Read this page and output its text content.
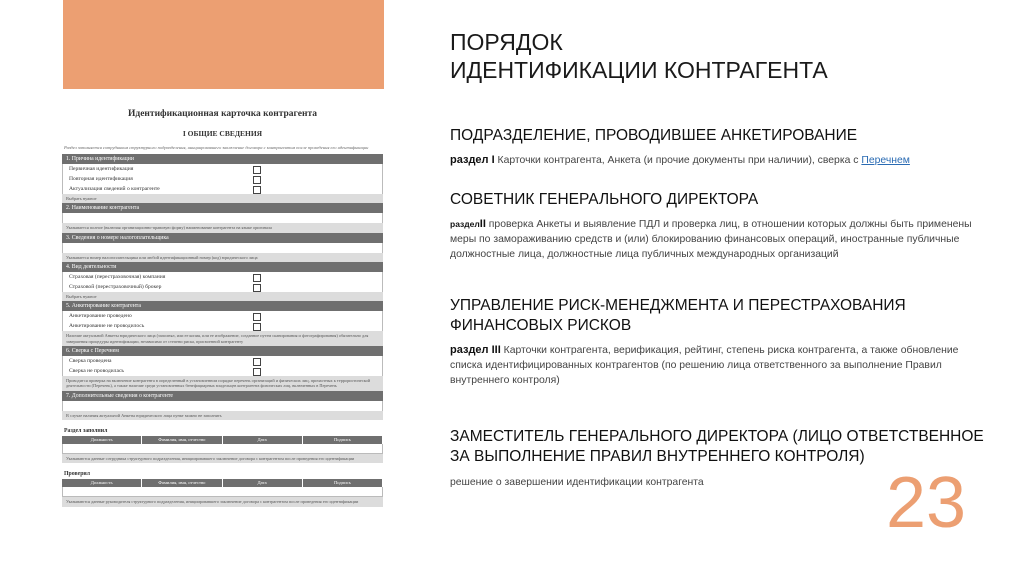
Идентификационная карточка контрагента
I ОБЩИЕ СВЕДЕНИЯ
Раздел заполняется сотрудником структурного подразделения, инициировавшего заключение договора с контрагентом после проведения его идентификации
1. Причина идентификации
Первичная идентификация
Повторная идентификация
Актуализация сведений о контрагенте
Выбрать нужное
2. Наименование контрагента
Указывается полное (включая организационно-правовую форму) наименование контрагента на языке оригинала
3. Сведения о номере налогоплательщика
Указывается номер налогоплательщика или любой идентификационный номер (код) юридического лица
4. Вид деятельности
Страховая (перестраховочная) компания
Страховой (перестраховочный) брокер
Выбрать нужное
5. Анкетирование контрагента
Анкетирование проведено
Анкетирование не проводилось
Наличие актуальной Анкеты юридического лица (заполнял, или ее копия, или ее изображение, созданное путем сканирования и фотографирования) обязательно для завершения процедуры идентификации, независимо от степени риска, присвоенной контрагенту
6. Сверка с Перечнем
Сверка проведена
Сверка не проводилась
Проводится проверка на включение контрагента в определенный в установленном порядке перечень организаций и физических лиц, причастных к террористической деятельности (Перечень), а также наличие среди установленных бенефициарных владельцев контрагента физических лиц, включенных в Перечень
7. Дополнительные сведения о контрагенте
В случае наличия актуальной Анкеты юридического лица пункт можно не заполнять
Раздел заполнил
Должность	Фамилия, имя, отчество	Дата	Подпись
Указываются данные сотрудника структурного подразделения, инициировавшего заключение договора с контрагентом после проведения его идентификации
Проверил
Должность	Фамилия, имя, отчество	Дата	Подпись
Указываются данные руководителя структурного подразделения, инициировавшего заключение договора с контрагентом после проведения его идентификации
ПОРЯДОК
ИДЕНТИФИКАЦИИ КОНТРАГЕНТА
ПОДРАЗДЕЛЕНИЕ, ПРОВОДИВШЕЕ АНКЕТИРОВАНИЕ
раздел I Карточки контрагента, Анкета (и прочие документы при наличии), сверка с Перечнем
СОВЕТНИК ГЕНЕРАЛЬНОГО ДИРЕКТОРА
разделII проверка Анкеты и выявление ПДЛ и проверка лиц, в отношении которых должны быть применены меры по замораживанию средств и (или) блокированию финансовых операций, иностранные публичные должностные лица, должностные лица публичных международных организаций
УПРАВЛЕНИЕ РИСК-МЕНЕДЖМЕНТА И ПЕРЕСТРАХОВАНИЯ
ФИНАНСОВЫХ РИСКОВ
раздел III Карточки контрагента, верификация, рейтинг, степень риска контрагента, а также обновление списка идентифицированных контрагентов (по решению лица ответственного за выполнение Правил внутреннего контроля)
ЗАМЕСТИТЕЛЬ ГЕНЕРАЛЬНОГО ДИРЕКТОРА (ЛИЦО ОТВЕТСТВЕННОЕ
ЗА ВЫПОЛНЕНИЕ ПРАВИЛ ВНУТРЕННЕГО КОНТРОЛЯ)
решение о завершении идентификации контрагента	23
